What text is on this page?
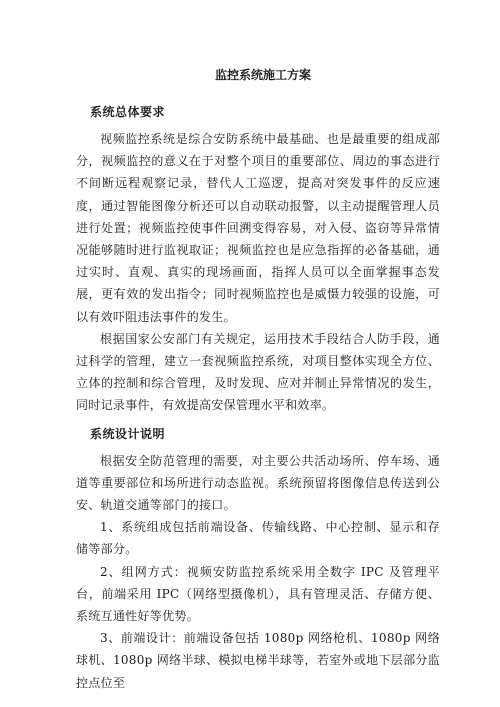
监控系统施工方案
系统总体要求

视频监控系统是综合安防系统中最基础、也是最重要的组成部分，视频监控的意义在于对整个项目的重要部位、周边的事态进行不间断远程观察记录，替代人工巡逻，提高对突发事件的反应速度，通过智能图像分析还可以自动联动报警，以主动提醒管理人员进行处置；视频监控使事件回溯变得容易，对入侵、盗窃等异常情况能够随时进行监视取证；视频监控也是应急指挥的必备基础，通过实时、直观、真实的现场画面，指挥人员可以全面掌握事态发展，更有效的发出指令；同时视频监控也是威慑力较强的设施，可以有效吓阻违法事件的发生。

根据国家公安部门有关规定，运用技术手段结合人防手段，通过科学的管理，建立一套视频监控系统，对项目整体实现全方位、立体的控制和综合管理，及时发现、应对并制止异常情况的发生，同时记录事件，有效提高安保管理水平和效率。

系统设计说明

根据安全防范管理的需要，对主要公共活动场所、停车场、通道等重要部位和场所进行动态监视。系统预留将图像信息传送到公安、轨道交通等部门的接口。

1、系统组成包括前端设备、传输线路、中心控制、显示和存储等部分。

2、组网方式：视频安防监控系统采用全数字 IPC 及管理平台，前端采用 IPC（网络型摄像机），具有管理灵活、存储方便、系统互通性好等优势。

3、前端设计：前端设备包括 1080p 网络枪机、1080p 网络球机、1080p 网络半球、模拟电梯半球等，若室外或地下层部分监控点位至
